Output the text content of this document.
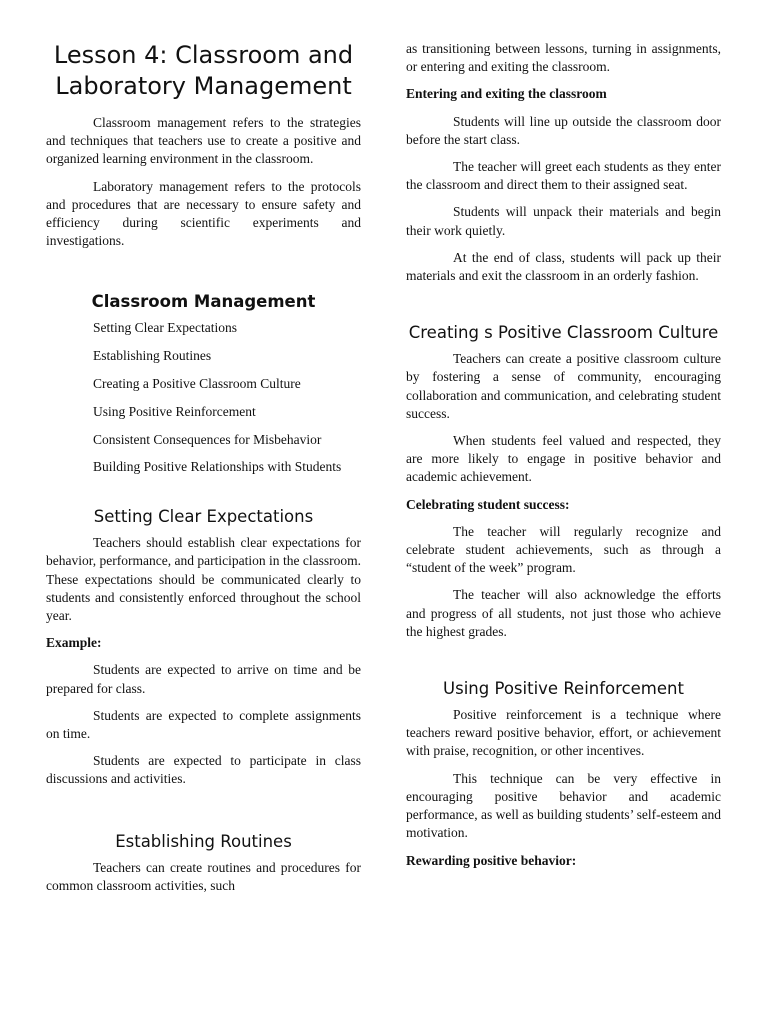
Lesson 4: Classroom and Laboratory Management

Classroom management refers to the strategies and techniques that teachers use to create a positive and organized learning environment in the classroom.

Laboratory management refers to the protocols and procedures that are necessary to ensure safety and efficiency during scientific experiments and investigations.

Classroom Management
Setting Clear Expectations
Establishing Routines
Creating a Positive Classroom Culture
Using Positive Reinforcement
Consistent Consequences for Misbehavior
Building Positive Relationships with Students
Setting Clear Expectations

Teachers should establish clear expectations for behavior, performance, and participation in the classroom. These expectations should be communicated clearly to students and consistently enforced throughout the school year.

Example:

Students are expected to arrive on time and be prepared for class.

Students are expected to complete assignments on time.

Students are expected to participate in class discussions and activities.

Establishing Routines

Teachers can create routines and procedures for common classroom activities, such

as transitioning between lessons, turning in assignments, or entering and exiting the classroom.

Entering and exiting the classroom

Students will line up outside the classroom door before the start class.

The teacher will greet each students as they enter the classroom and direct them to their assigned seat.

Students will unpack their materials and begin their work quietly.

At the end of class, students will pack up their materials and exit the classroom in an orderly fashion.

Creating s Positive Classroom Culture

Teachers can create a positive classroom culture by fostering a sense of community, encouraging collaboration and communication, and celebrating student success.

When students feel valued and respected, they are more likely to engage in positive behavior and academic achievement.

Celebrating student success:

The teacher will regularly recognize and celebrate student achievements, such as through a “student of the week” program.

The teacher will also acknowledge the efforts and progress of all students, not just those who achieve the highest grades.

Using Positive Reinforcement

Positive reinforcement is a technique where teachers reward positive behavior, effort, or achievement with praise, recognition, or other incentives.

This technique can be very effective in encouraging positive behavior and academic performance, as well as building students’ self-esteem and motivation.

Rewarding positive behavior:
